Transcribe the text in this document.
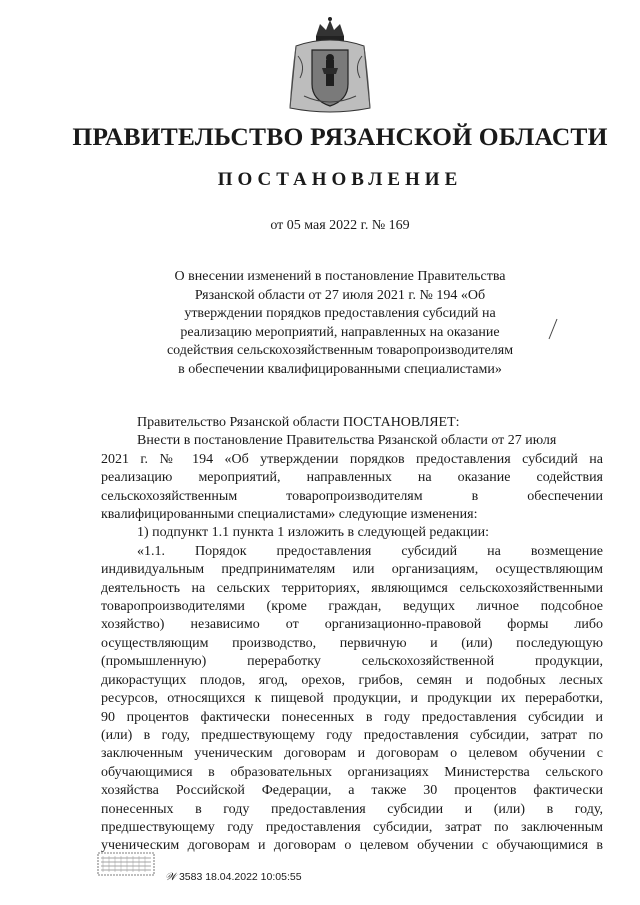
ПРАВИТЕЛЬСТВО РЯЗАНСКОЙ ОБЛАСТИ
ПОСТАНОВЛЕНИЕ
от 05 мая 2022 г. № 169
О внесении изменений в постановление Правительства
Рязанской области от 27 июля 2021 г. № 194 «Об
утверждении порядков предоставления субсидий на
реализацию мероприятий, направленных на оказание
содействия сельскохозяйственным товаропроизводителям
в обеспечении квалифицированными специалистами»
Правительство Рязанской области ПОСТАНОВЛЯЕТ:
Внести в постановление Правительства Рязанской области от 27 июля
2021 г. № 194 «Об утверждении порядков предоставления субсидий на
реализацию мероприятий, направленных на оказание содействия
сельскохозяйственным товаропроизводителям в обеспечении
квалифицированными специалистами» следующие изменения:
1) подпункт 1.1 пункта 1 изложить в следующей редакции:
«1.1. Порядок предоставления субсидий на возмещение
индивидуальным предпринимателям или организациям, осуществляющим
деятельность на сельских территориях, являющимся сельскохозяйственными
товаропроизводителями (кроме граждан, ведущих личное подсобное
хозяйство) независимо от организационно-правовой формы либо
осуществляющим производство, первичную и (или) последующую
(промышленную) переработку сельскохозяйственной продукции,
дикорастущих плодов, ягод, орехов, грибов, семян и подобных лесных
ресурсов, относящихся к пищевой продукции, и продукции их переработки,
90 процентов фактически понесенных в году предоставления субсидии и
(или) в году, предшествующему году предоставления субсидии, затрат по
заключенным ученическим договорам и договорам о целевом обучении с
обучающимися в образовательных организациях Министерства сельского
хозяйства Российской Федерации, а также 30 процентов фактически
понесенных в году предоставления субсидии и (или) в году,
предшествующему году предоставления субсидии, затрат по заключенным
ученическим договорам и договорам о целевом обучении с обучающимися в
𝒲 3583 18.04.2022 10:05:55
